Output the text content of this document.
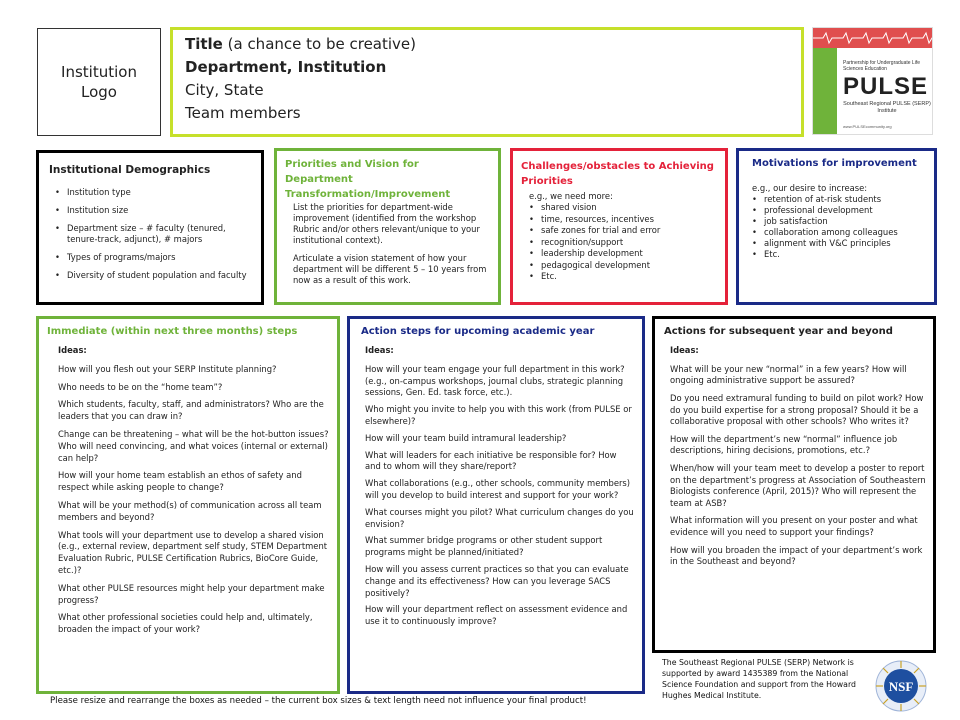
Institution
Logo
Title (a chance to be creative)
Department, Institution
City, State
Team members
Partnership for Undergraduate Life Sciences Education
PULSE
Southeast Regional PULSE (SERP) Institute
www.PULSEcommunity.org
Institutional Demographics
• Institution type
• Institution size
• Department size – # faculty (tenured, tenure-track, adjunct), # majors
• Types of programs/majors
• Diversity of student population and faculty
Priorities and Vision for Department Transformation/Improvement

List the priorities for department-wide improvement (identified from the workshop Rubric and/or others relevant/unique to your institutional context).

Articulate a vision statement of how your department will be different 5 – 10 years from now as a result of this work.

Challenges/obstacles to Achieving Priorities

e.g., we need more:

• shared vision
• time, resources, incentives
• safe zones for trial and error
• recognition/support
• leadership development
• pedagogical development
• Etc.
Motivations for improvement

e.g., our desire to increase:

• retention of at-risk students
• professional development
• job satisfaction
• collaboration among colleagues
• alignment with V&C principles
• Etc.
Immediate (within next three months) steps

Ideas:

How will you flesh out your SERP Institute planning?

Who needs to be on the “home team”?

Which students, faculty, staff, and administrators? Who are the leaders that you can draw in?

Change can be threatening – what will be the hot-button issues? Who will need convincing, and what voices (internal or external) can help?

How will your home team establish an ethos of safety and respect while asking people to change?

What will be your method(s) of communication across all team members and beyond?

What tools will your department use to develop a shared vision (e.g., external review, department self study, STEM Department Evaluation Rubric, PULSE Certification Rubrics, BioCore Guide, etc.)?

What other PULSE resources might help your department make progress?

What other professional societies could help and, ultimately, broaden the impact of your work?

Action steps for upcoming academic year

Ideas:

How will your team engage your full department in this work? (e.g., on-campus workshops, journal clubs, strategic planning sessions, Gen. Ed. task force, etc.).

Who might you invite to help you with this work (from PULSE or elsewhere)?

How will your team build intramural leadership?

What will leaders for each initiative be responsible for? How and to whom will they share/report?

What collaborations (e.g., other schools, community members) will you develop to build interest and support for your work?

What courses might you pilot? What curriculum changes do you envision?

What summer bridge programs or other student support programs might be planned/initiated?

How will you assess current practices so that you can evaluate change and its effectiveness? How can you leverage SACS positively?

How will your department reflect on assessment evidence and use it to continuously improve?

Actions for subsequent year and beyond

Ideas:

What will be your new “normal” in a few years? How will ongoing administrative support be assured?

Do you need extramural funding to build on pilot work? How do you build expertise for a strong proposal? Should it be a collaborative proposal with other schools? Who writes it?

How will the department’s new “normal” influence job descriptions, hiring decisions, promotions, etc.?

When/how will your team meet to develop a poster to report on the department’s progress at Association of Southeastern Biologists conference (April, 2015)? Who will represent the team at ASB?

What information will you present on your poster and what evidence will you need to support your findings?

How will you broaden the impact of your department’s work in the Southeast and beyond?

The Southeast Regional PULSE (SERP) Network is supported by award 1435389 from the National Science Foundation and support from the Howard Hughes Medical Institute.
NSF
Please resize and rearrange the boxes as needed – the current box sizes & text length need not influence your final product!
